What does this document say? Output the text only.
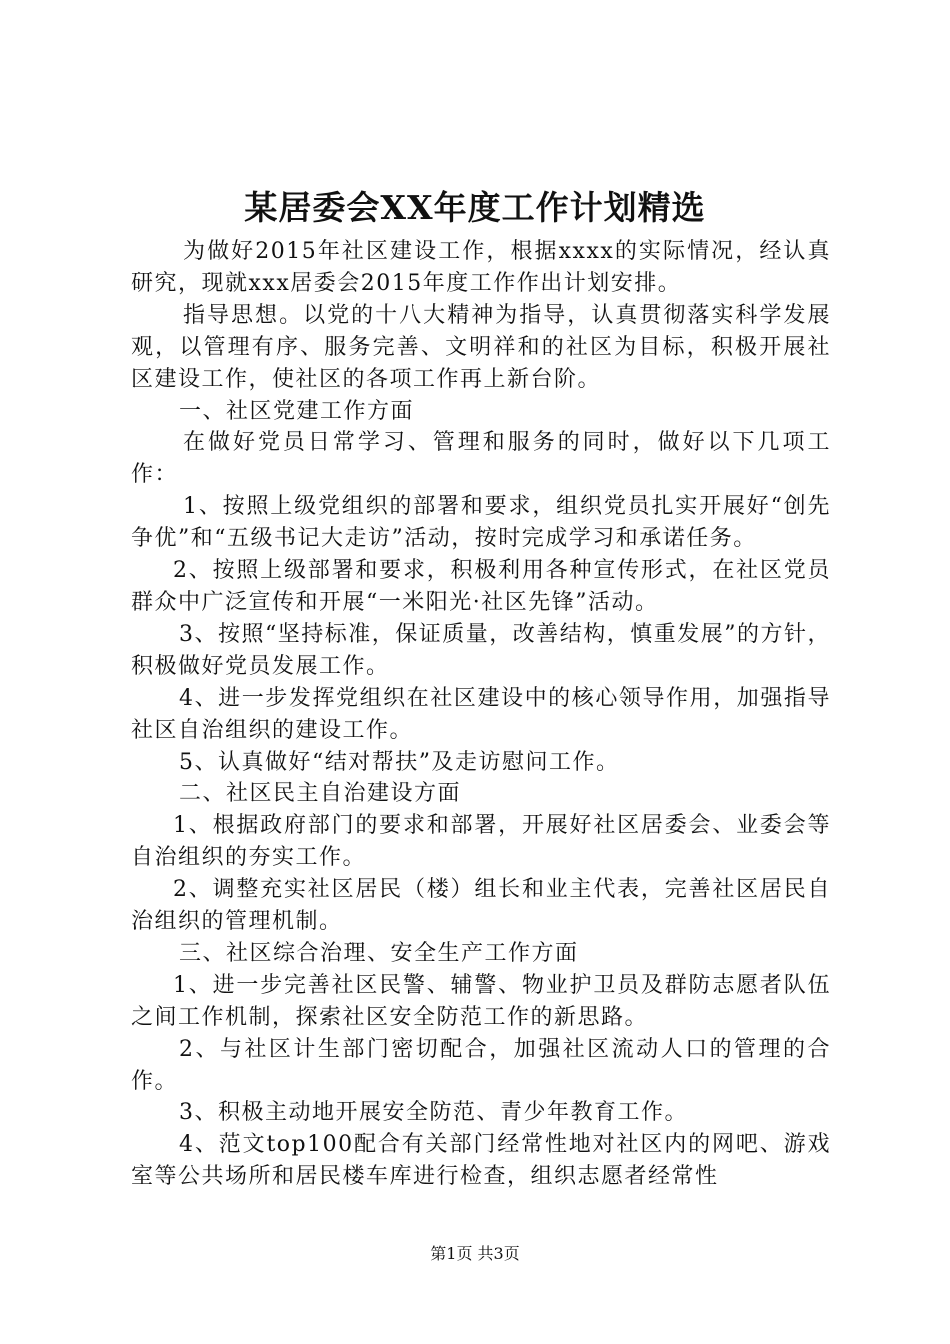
某居委会XX年度工作计划精选

为做好2015年社区建设工作，根据xxxx的实际情况，经认真研究，现就xxx居委会2015年度工作作出计划安排。

指导思想。以党的十八大精神为指导，认真贯彻落实科学发展观，以管理有序、服务完善、文明祥和的社区为目标，积极开展社区建设工作，使社区的各项工作再上新台阶。

一、社区党建工作方面

在做好党员日常学习、管理和服务的同时，做好以下几项工作：

1、按照上级党组织的部署和要求，组织党员扎实开展好“创先争优”和“五级书记大走访”活动，按时完成学习和承诺任务。

2、按照上级部署和要求，积极利用各种宣传形式，在社区党员群众中广泛宣传和开展“一米阳光·社区先锋”活动。

3、按照“坚持标准，保证质量，改善结构，慎重发展”的方针，积极做好党员发展工作。

4、进一步发挥党组织在社区建设中的核心领导作用，加强指导社区自治组织的建设工作。

5、认真做好“结对帮扶”及走访慰问工作。

二、社区民主自治建设方面

1、根据政府部门的要求和部署，开展好社区居委会、业委会等自治组织的夯实工作。

2、调整充实社区居民（楼）组长和业主代表，完善社区居民自治组织的管理机制。

三、社区综合治理、安全生产工作方面

1、进一步完善社区民警、辅警、物业护卫员及群防志愿者队伍之间工作机制，探索社区安全防范工作的新思路。

2、与社区计生部门密切配合，加强社区流动人口的管理的合作。

3、积极主动地开展安全防范、青少年教育工作。

4、范文top100配合有关部门经常性地对社区内的网吧、游戏室等公共场所和居民楼车库进行检查，组织志愿者经常性

第1页 共3页
